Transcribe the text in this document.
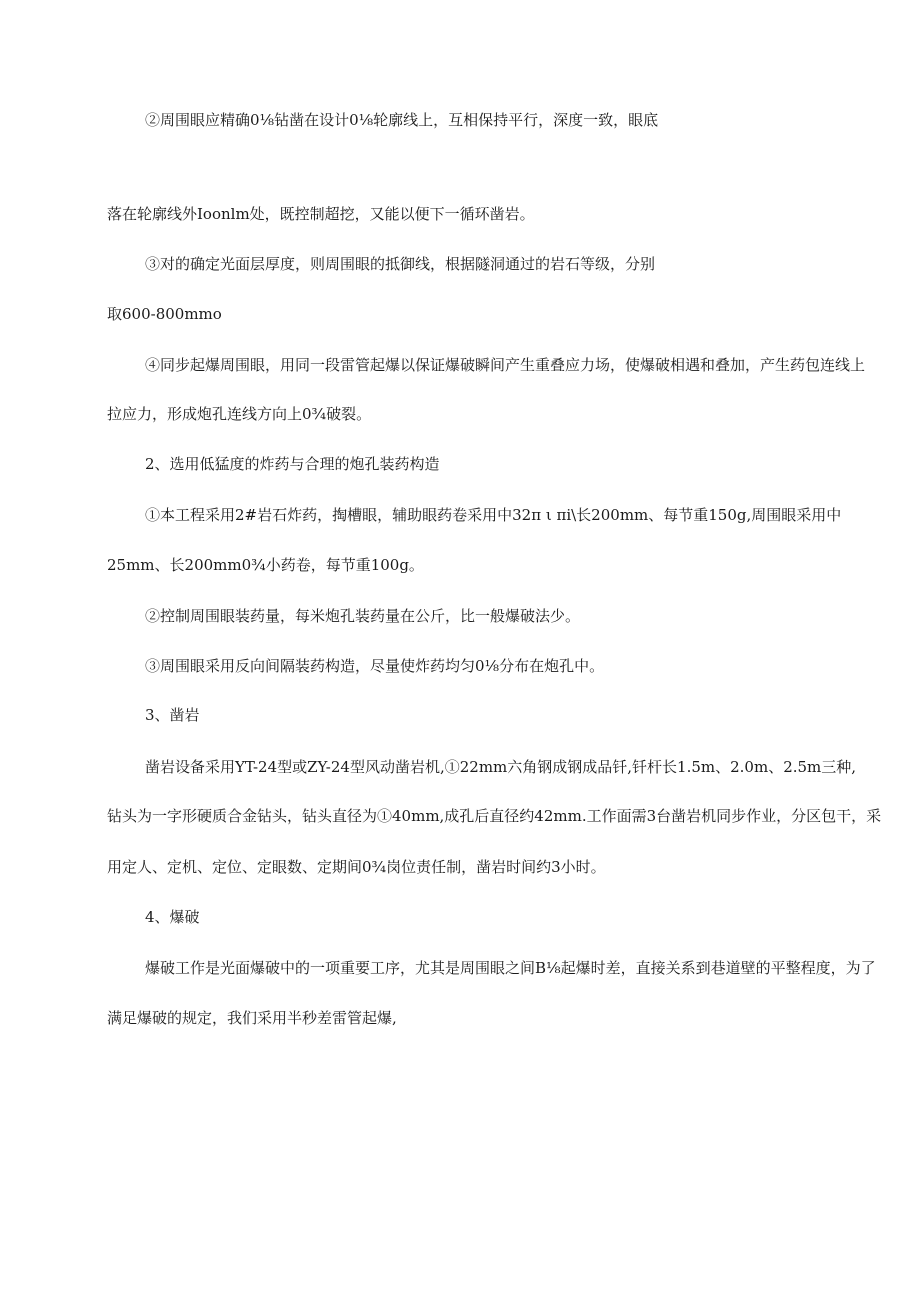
②周围眼应精确0⅛钻凿在设计0⅛轮廓线上，互相保持平行，深度一致，眼底
落在轮廓线外Ioonlm处，既控制超挖，又能以便下一循环凿岩。
③对的确定光面层厚度，则周围眼的抵御线，根据隧洞通过的岩石等级，分别
取600-800mmo
④同步起爆周围眼，用同一段雷管起爆以保证爆破瞬间产生重叠应力场，使爆破相遇和叠加，产生药包连线上
拉应力，形成炮孔连线方向上0¾破裂。
2、选用低猛度的炸药与合理的炮孔装药构造
①本工程采用2#岩石炸药，掏槽眼，辅助眼药卷采用中32π ι πi\长200mm、每节重150g,周围眼采用中
25mm、长200mm0¾小药卷，每节重100g。
②控制周围眼装药量，每米炮孔装药量在公斤，比一般爆破法少。
③周围眼采用反向间隔装药构造，尽量使炸药均匀0⅛分布在炮孔中。
3、凿岩
凿岩设备采用YT-24型或ZY-24型风动凿岩机,①22mm六角钢成钢成品钎,钎杆长1.5m、2.0m、2.5m三种,
钻头为一字形硬质合金钻头，钻头直径为①40mm,成孔后直径约42mm.工作面需3台凿岩机同步作业，分区包干，采
用定人、定机、定位、定眼数、定期间0¾岗位责任制，凿岩时间约3小时。
4、爆破
爆破工作是光面爆破中的一项重要工序，尤其是周围眼之间B⅛起爆时差，直接关系到巷道壁的平整程度，为了
满足爆破的规定，我们采用半秒差雷管起爆,
